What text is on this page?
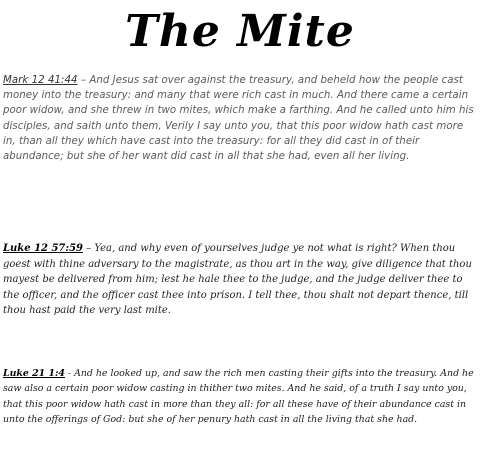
The Mite

Mark 12 41:44 – And Jesus sat over against the treasury, and beheld how the people cast money into the treasury: and many that were rich cast in much. And there came a certain poor widow, and she threw in two mites, which make a farthing. And he called unto him his disciples, and saith unto them, Verily I say unto you, that this poor widow hath cast more in, than all they which have cast into the treasury: for all they did cast in of their abundance; but she of her want did cast in all that she had, even all her living.

Luke 12 57:59 – Yea, and why even of yourselves judge ye not what is right? When thou goest with thine adversary to the magistrate, as thou art in the way, give diligence that thou mayest be delivered from him; lest he hale thee to the judge, and the judge deliver thee to the officer, and the officer cast thee into prison. I tell thee, thou shalt not depart thence, till thou hast paid the very last mite.

Luke 21 1:4 - And he looked up, and saw the rich men casting their gifts into the treasury. And he saw also a certain poor widow casting in thither two mites. And he said, of a truth I say unto you, that this poor widow hath cast in more than they all: for all these have of their abundance cast in unto the offerings of God: but she of her penury hath cast in all the living that she had.
